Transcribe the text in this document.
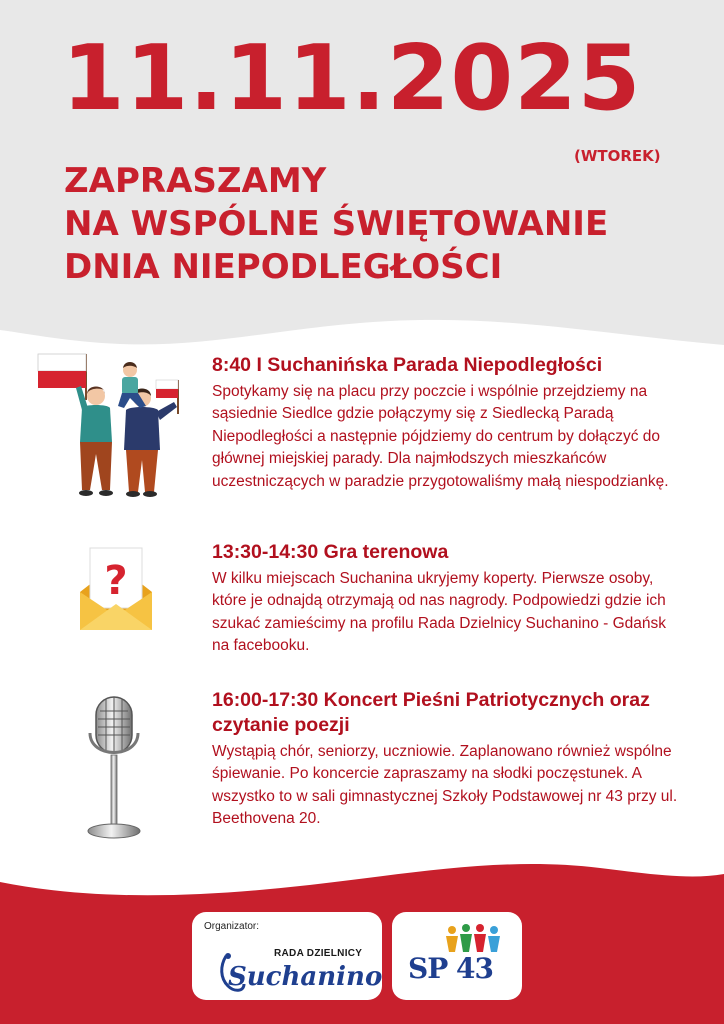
11.11.2025
(WTOREK)
ZAPRASZAMY
NA WSPÓLNE ŚWIĘTOWANIE
DNIA NIEPODLEGŁOŚCI
8:40 I Suchanińska Parada Niepodległości

Spotykamy się na placu przy poczcie i wspólnie przejdziemy na sąsiednie Siedlce gdzie połączymy się z Siedlecką Paradą Niepodległości a następnie pójdziemy do centrum by dołączyć do głównej miejskiej parady. Dla najmłodszych mieszkańców uczestniczących w paradzie przygotowaliśmy małą niespodziankę.

?
13:30-14:30 Gra terenowa

W kilku miejscach Suchanina ukryjemy koperty. Pierwsze osoby, które je odnajdą otrzymają od nas nagrody. Podpowiedzi gdzie ich szukać zamieścimy na profilu Rada Dzielnicy Suchanino - Gdańsk na facebooku.

16:00-17:30 Koncert Pieśni Patriotycznych oraz czytanie poezji

Wystąpią chór, seniorzy, uczniowie. Zaplanowano również wspólne śpiewanie. Po koncercie zapraszamy na słodki poczęstunek. A wszystko to w sali gimnastycznej Szkoły Podstawowej nr 43 przy ul. Beethovena 20.

Organizator:
RADA DZIELNICY
Suchanino SP 43
